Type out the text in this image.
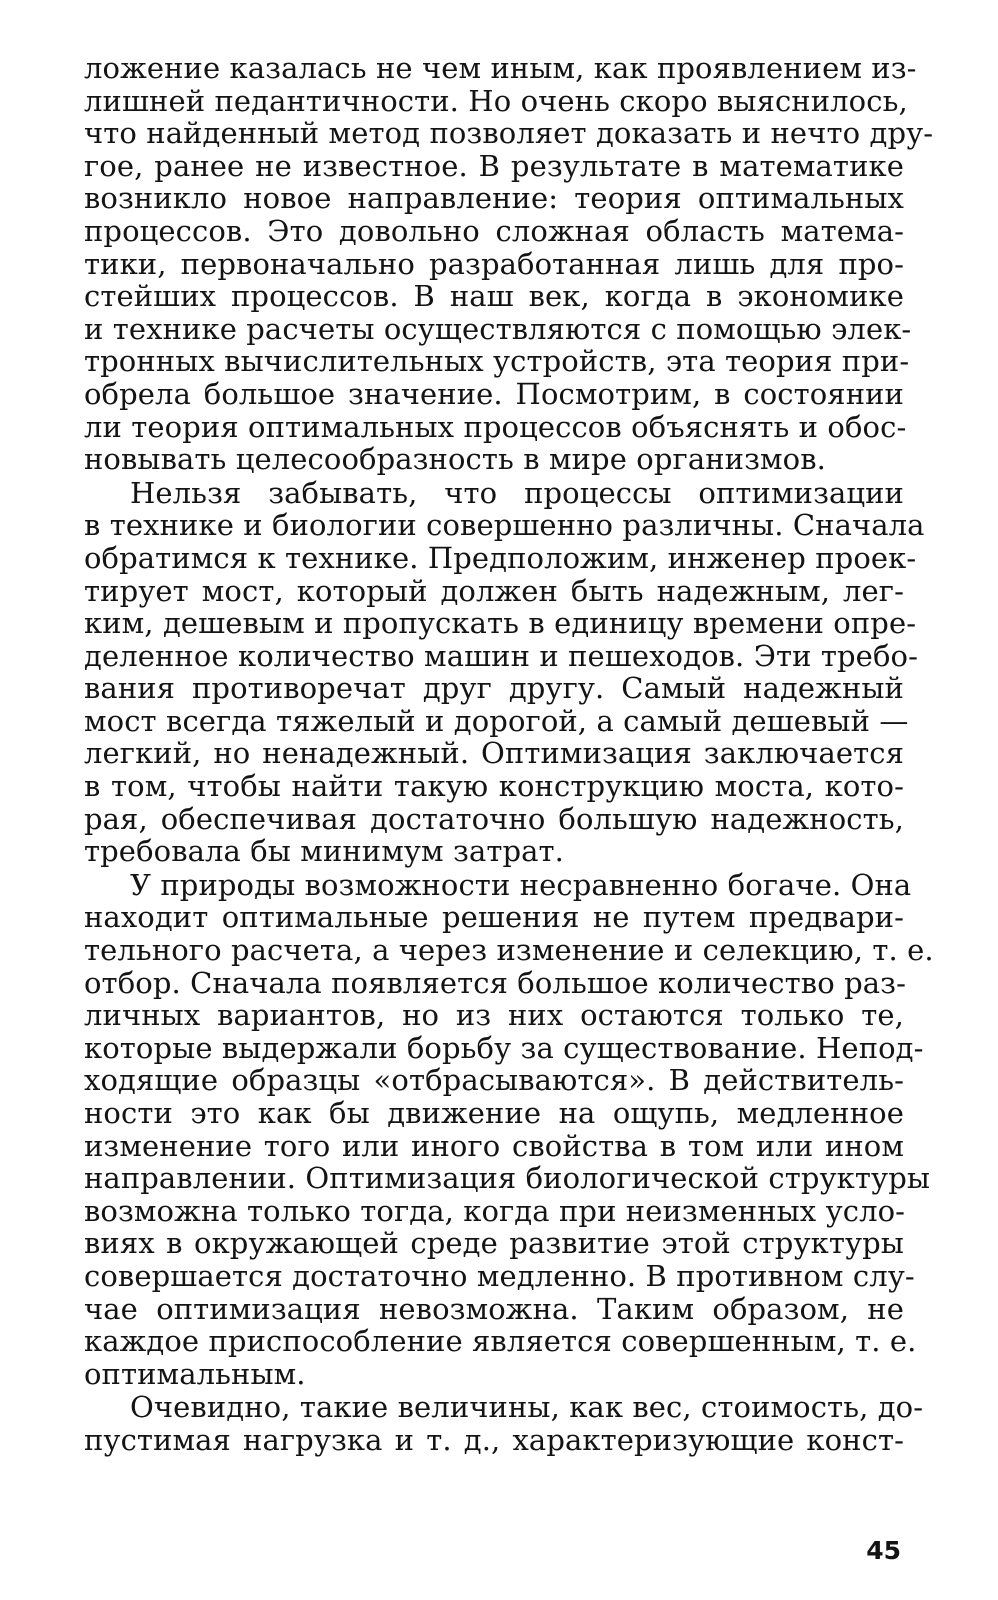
ложение казалась не чем иным, как проявлением из-
лишней педантичности. Но очень скоро выяснилось,
что найденный метод позволяет доказать и нечто дру-
гое, ранее не известное. В результате в математике
возникло новое направление: теория оптимальных
процессов. Это довольно сложная область матема-
тики, первоначально разработанная лишь для про-
стейших процессов. В наш век, когда в экономике
и технике расчеты осуществляются с помощью элек-
тронных вычислительных устройств, эта теория при-
обрела большое значение. Посмотрим, в состоянии
ли теория оптимальных процессов объяснять и обос-
новывать целесообразность в мире организмов.

Нельзя забывать, что процессы оптимизации
в технике и биологии совершенно различны. Сначала
обратимся к технике. Предположим, инженер проек-
тирует мост, который должен быть надежным, лег-
ким, дешевым и пропускать в единицу времени опре-
деленное количество машин и пешеходов. Эти требо-
вания противоречат друг другу. Самый надежный
мост всегда тяжелый и дорогой, а самый дешевый —
легкий, но ненадежный. Оптимизация заключается
в том, чтобы найти такую конструкцию моста, кото-
рая, обеспечивая достаточно большую надежность,
требовала бы минимум затрат.

У природы возможности несравненно богаче. Она
находит оптимальные решения не путем предвари-
тельного расчета, а через изменение и селекцию, т. е.
отбор. Сначала появляется большое количество раз-
личных вариантов, но из них остаются только те,
которые выдержали борьбу за существование. Непод-
ходящие образцы «отбрасываются». В действитель-
ности это как бы движение на ощупь, медленное
изменение того или иного свойства в том или ином
направлении. Оптимизация биологической структуры
возможна только тогда, когда при неизменных усло-
виях в окружающей среде развитие этой структуры
совершается достаточно медленно. В противном слу-
чае оптимизация невозможна. Таким образом, не
каждое приспособление является совершенным, т. е.
оптимальным.

Очевидно, такие величины, как вес, стоимость, до-
пустимая нагрузка и т. д., характеризующие конст-

45
